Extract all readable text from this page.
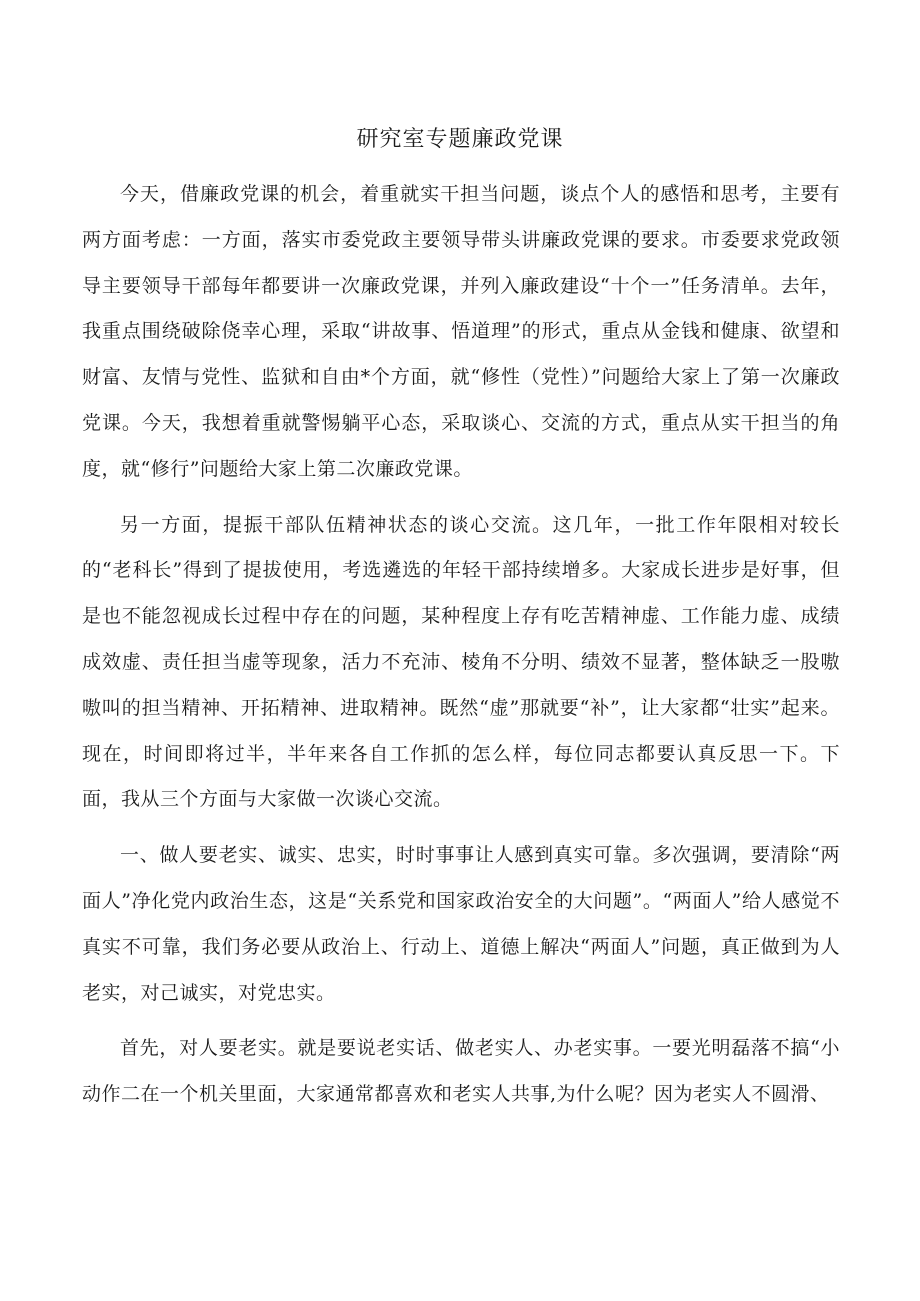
研究室专题廉政党课

今天，借廉政党课的机会，着重就实干担当问题，谈点个人的感悟和思考，主要有两方面考虑：一方面，落实市委党政主要领导带头讲廉政党课的要求。市委要求党政领导主要领导干部每年都要讲一次廉政党课，并列入廉政建设“十个一”任务清单。去年，我重点围绕破除侥幸心理，采取“讲故事、悟道理”的形式，重点从金钱和健康、欲望和财富、友情与党性、监狱和自由*个方面，就“修性（党性）”问题给大家上了第一次廉政党课。今天，我想着重就警惕躺平心态，采取谈心、交流的方式，重点从实干担当的角度，就“修行”问题给大家上第二次廉政党课。

另一方面，提振干部队伍精神状态的谈心交流。这几年，一批工作年限相对较长的“老科长”得到了提拔使用，考选遴选的年轻干部持续增多。大家成长进步是好事，但是也不能忽视成长过程中存在的问题，某种程度上存有吃苦精神虚、工作能力虚、成绩成效虚、责任担当虚等现象，活力不充沛、棱角不分明、绩效不显著，整体缺乏一股嗷嗷叫的担当精神、开拓精神、进取精神。既然“虚”那就要“补”，让大家都“壮实”起来。现在，时间即将过半，半年来各自工作抓的怎么样，每位同志都要认真反思一下。下面，我从三个方面与大家做一次谈心交流。

一、做人要老实、诚实、忠实，时时事事让人感到真实可靠。多次强调，要清除“两面人”净化党内政治生态，这是“关系党和国家政治安全的大问题”。“两面人”给人感觉不真实不可靠，我们务必要从政治上、行动上、道德上解决“两面人”问题，真正做到为人老实，对己诚实，对党忠实。

首先，对人要老实。就是要说老实话、做老实人、办老实事。一要光明磊落不搞“小动作二在一个机关里面，大家通常都喜欢和老实人共事,为什么呢？因为老实人不圆滑、
